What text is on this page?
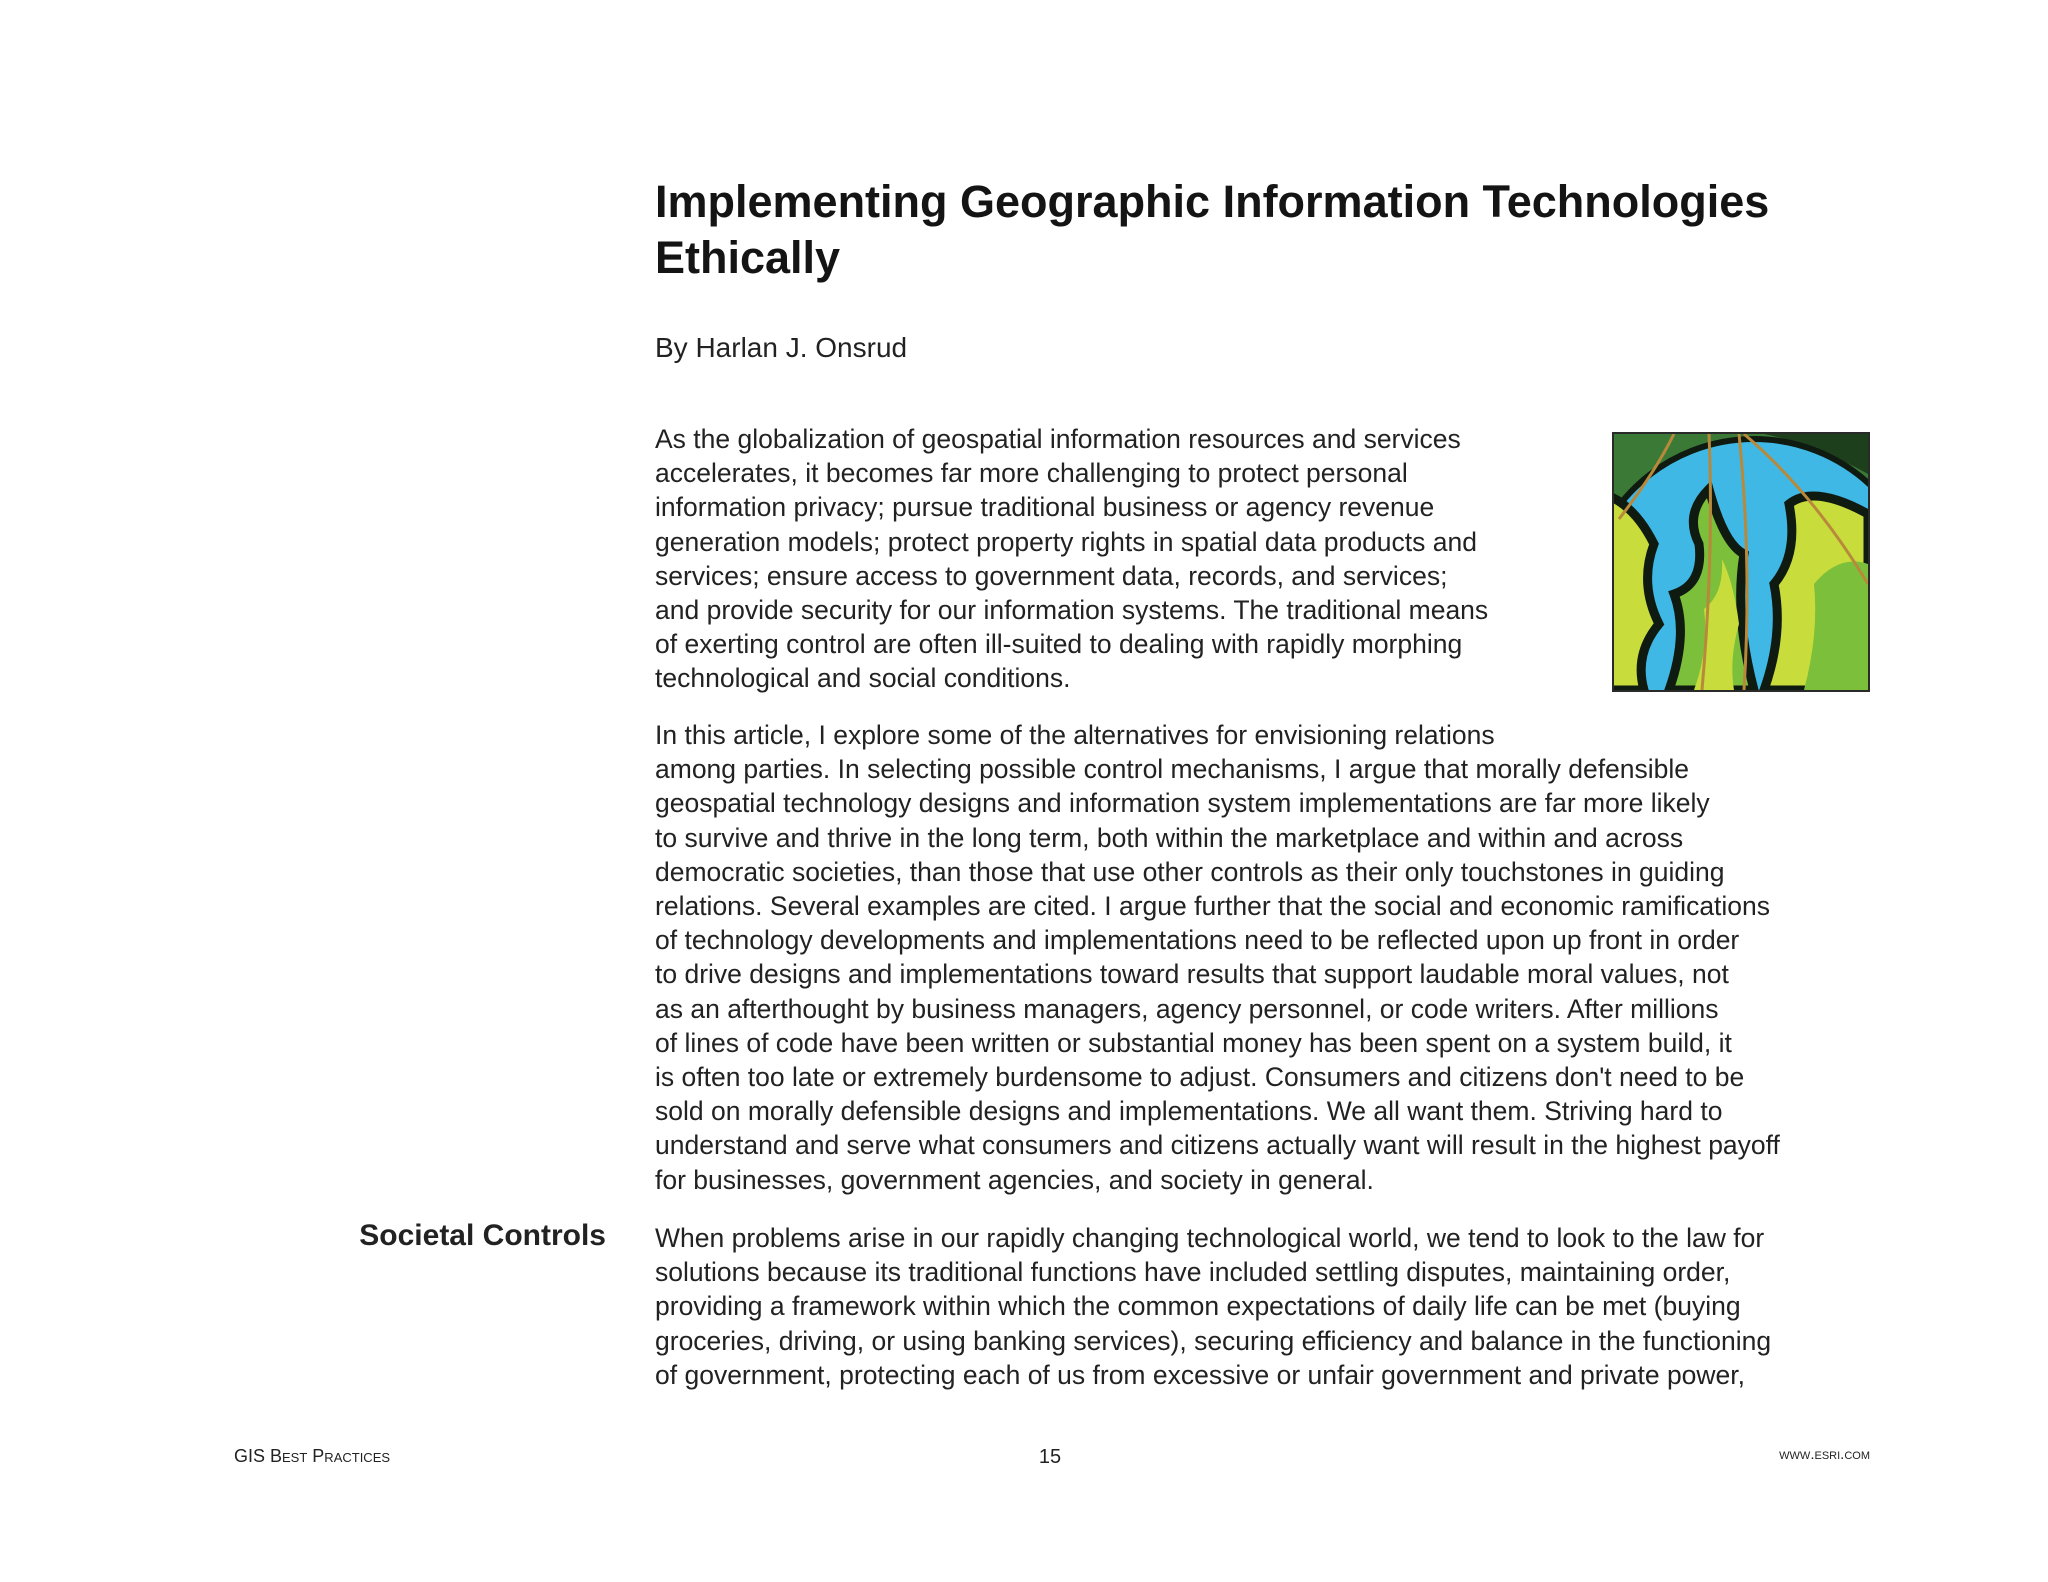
Implementing Geographic Information Technologies Ethically
By Harlan J. Onsrud

As the globalization of geospatial information resources and services
accelerates, it becomes far more challenging to protect personal
information privacy; pursue traditional business or agency revenue
generation models; protect property rights in spatial data products and
services; ensure access to government data, records, and services;
and provide security for our information systems. The traditional means
of exerting control are often ill-suited to dealing with rapidly morphing
technological and social conditions.

In this article, I explore some of the alternatives for envisioning relations
among parties. In selecting possible control mechanisms, I argue that morally defensible
geospatial technology designs and information system implementations are far more likely
to survive and thrive in the long term, both within the marketplace and within and across
democratic societies, than those that use other controls as their only touchstones in guiding
relations. Several examples are cited. I argue further that the social and economic ramifications
of technology developments and implementations need to be reflected upon up front in order
to drive designs and implementations toward results that support laudable moral values, not
as an afterthought by business managers, agency personnel, or code writers. After millions
of lines of code have been written or substantial money has been spent on a system build, it
is often too late or extremely burdensome to adjust. Consumers and citizens don't need to be
sold on morally defensible designs and implementations. We all want them. Striving hard to
understand and serve what consumers and citizens actually want will result in the highest payoff
for businesses, government agencies, and society in general.

Societal Controls When problems arise in our rapidly changing technological world, we tend to look to the law for
solutions because its traditional functions have included settling disputes, maintaining order,
providing a framework within which the common expectations of daily life can be met (buying
groceries, driving, or using banking services), securing efficiency and balance in the functioning
of government, protecting each of us from excessive or unfair government and private power,

GIS Best Practices	15	www.esri.com
